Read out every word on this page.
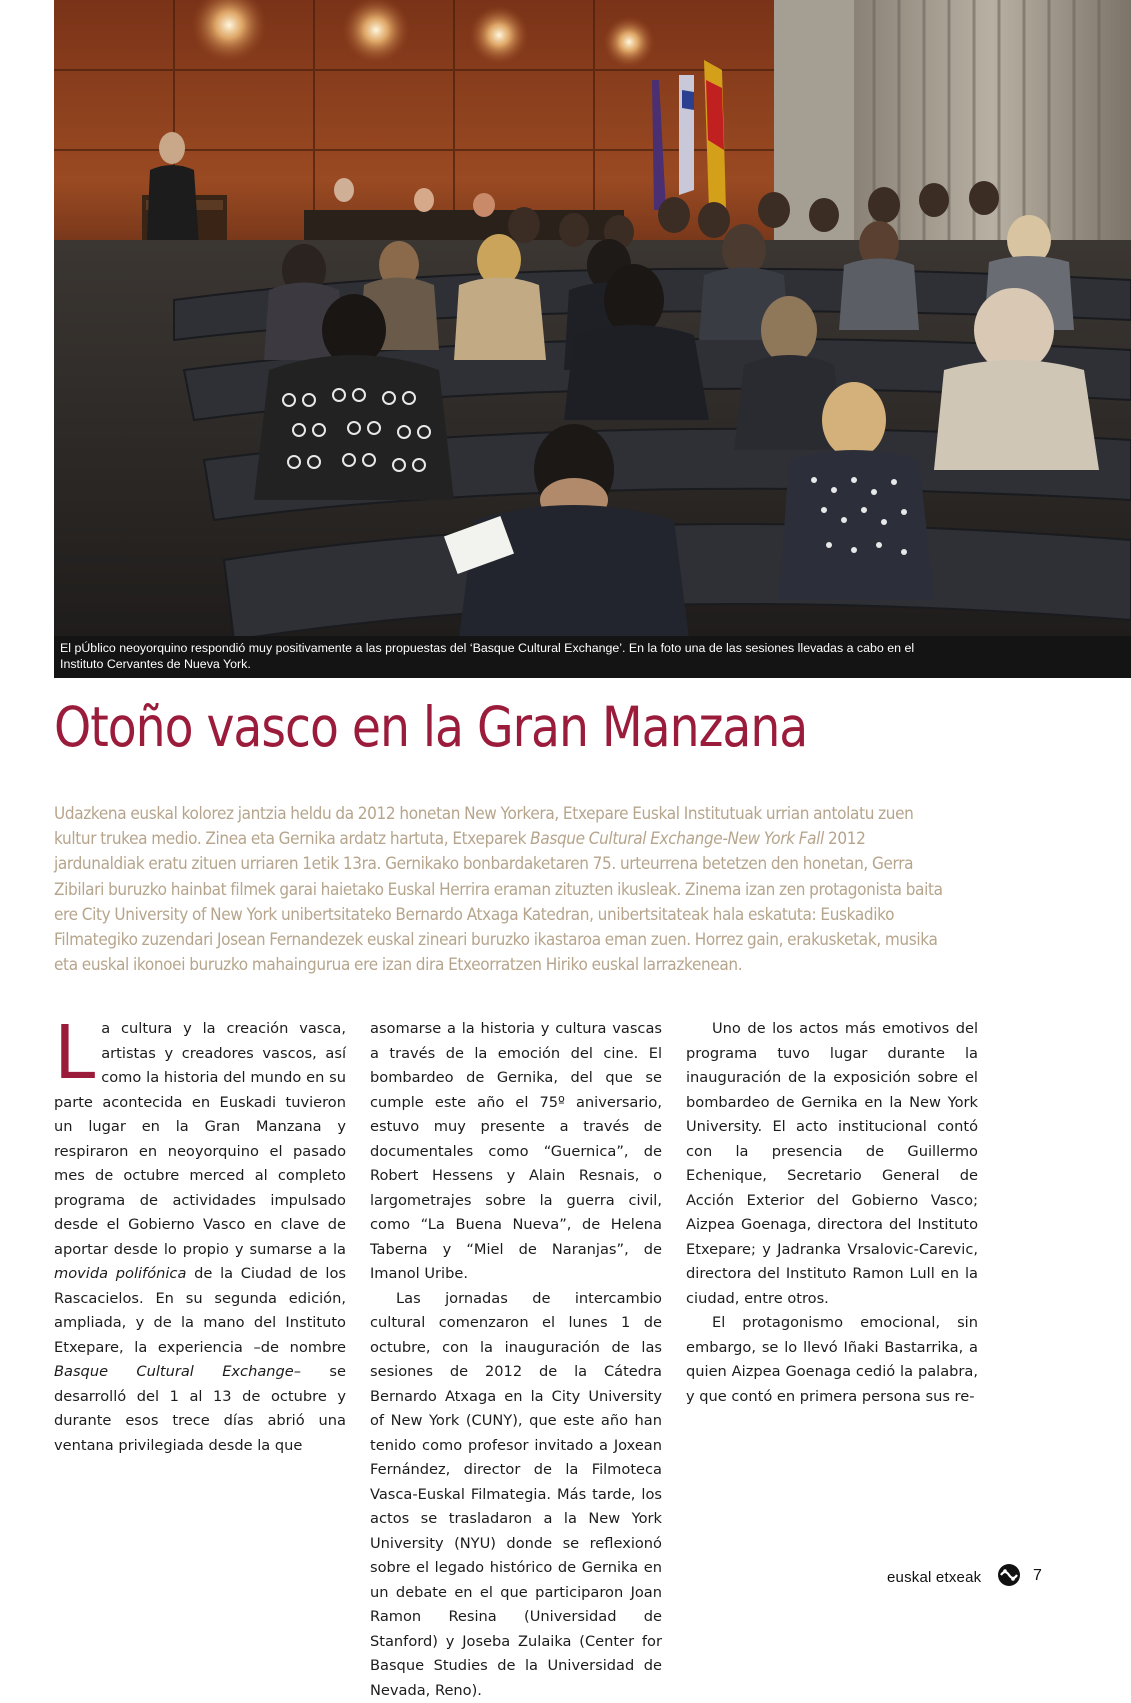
El pÚblico neoyorquino respondió muy positivamente a las propuestas del ‘Basque Cultural Exchange’. En la foto una de las sesiones llevadas a cabo en el Instituto Cervantes de Nueva York.

Otoño vasco en la Gran Manzana

Udazkena euskal kolorez jantzia heldu da 2012 honetan New Yorkera, Etxepare Euskal Institutuak urrian antolatu zuen kultur trukea medio. Zinea eta Gernika ardatz hartuta, Etxeparek Basque Cultural Exchange-New York Fall 2012 jardunaldiak eratu zituen urriaren 1etik 13ra. Gernikako bonbardaketaren 75. urteurrena betetzen den honetan, Gerra Zibilari buruzko hainbat filmek garai haietako Euskal Herrira eraman zituzten ikusleak. Zinema izan zen protagonista baita ere City University of New York unibertsitateko Bernardo Atxaga Katedran, unibertsitateak hala eskatuta: Euskadiko Filmategiko zuzendari Josean Fernandezek euskal zineari buruzko ikastaroa eman zuen. Horrez gain, erakusketak, musika eta euskal ikonoei buruzko mahaingurua ere izan dira Etxeorratzen Hiriko euskal larrazkenean.

La cultura y la creación vasca, artistas y creadores vascos, así como la historia del mundo en su parte acontecida en Euskadi tuvieron un lugar en la Gran Manzana y respiraron en neoyorquino el pasado mes de octubre merced al completo programa de actividades impulsado desde el Gobierno Vasco en clave de aportar desde lo propio y sumarse a la movida polifónica de la Ciudad de los Rascacielos. En su segunda edición, ampliada, y de la mano del Instituto Etxepare, la experiencia –de nombre Basque Cultural Exchange– se desarrolló del 1 al 13 de octubre y durante esos trece días abrió una ventana privilegiada desde la que

asomarse a la historia y cultura vascas a través de la emoción del cine. El bombardeo de Gernika, del que se cumple este año el 75º aniversario, estuvo muy presente a través de documentales como “Guernica”, de Robert Hessens y Alain Resnais, o largometrajes sobre la guerra civil, como “La Buena Nueva”, de Helena Taberna y “Miel de Naranjas”, de Imanol Uribe.

Las jornadas de intercambio cultural comenzaron el lunes 1 de octubre, con la inauguración de las sesiones de 2012 de la Cátedra Bernardo Atxaga en la City University of New York (CUNY), que este año han tenido como profesor invitado a Joxean Fernández, director de la Filmoteca Vasca-Euskal Filmategia. Más tarde, los actos se trasladaron a la New York University (NYU) donde se reflexionó sobre el legado histórico de Gernika en un debate en el que participaron Joan Ramon Resina (Universidad de Stanford) y Joseba Zulaika (Center for Basque Studies de la Universidad de Nevada, Reno).

Uno de los actos más emotivos del programa tuvo lugar durante la inauguración de la exposición sobre el bombardeo de Gernika en la New York University. El acto institucional contó con la presencia de Guillermo Echenique, Secretario General de Acción Exterior del Gobierno Vasco; Aizpea Goenaga, directora del Instituto Etxepare; y Jadranka Vrsalovic-Carevic, directora del Instituto Ramon Lull en la ciudad, entre otros.

El protagonismo emocional, sin embargo, se lo llevó Iñaki Bastarrika, a quien Aizpea Goenaga cedió la palabra, y que contó en primera persona sus re-

euskal etxeak	7
